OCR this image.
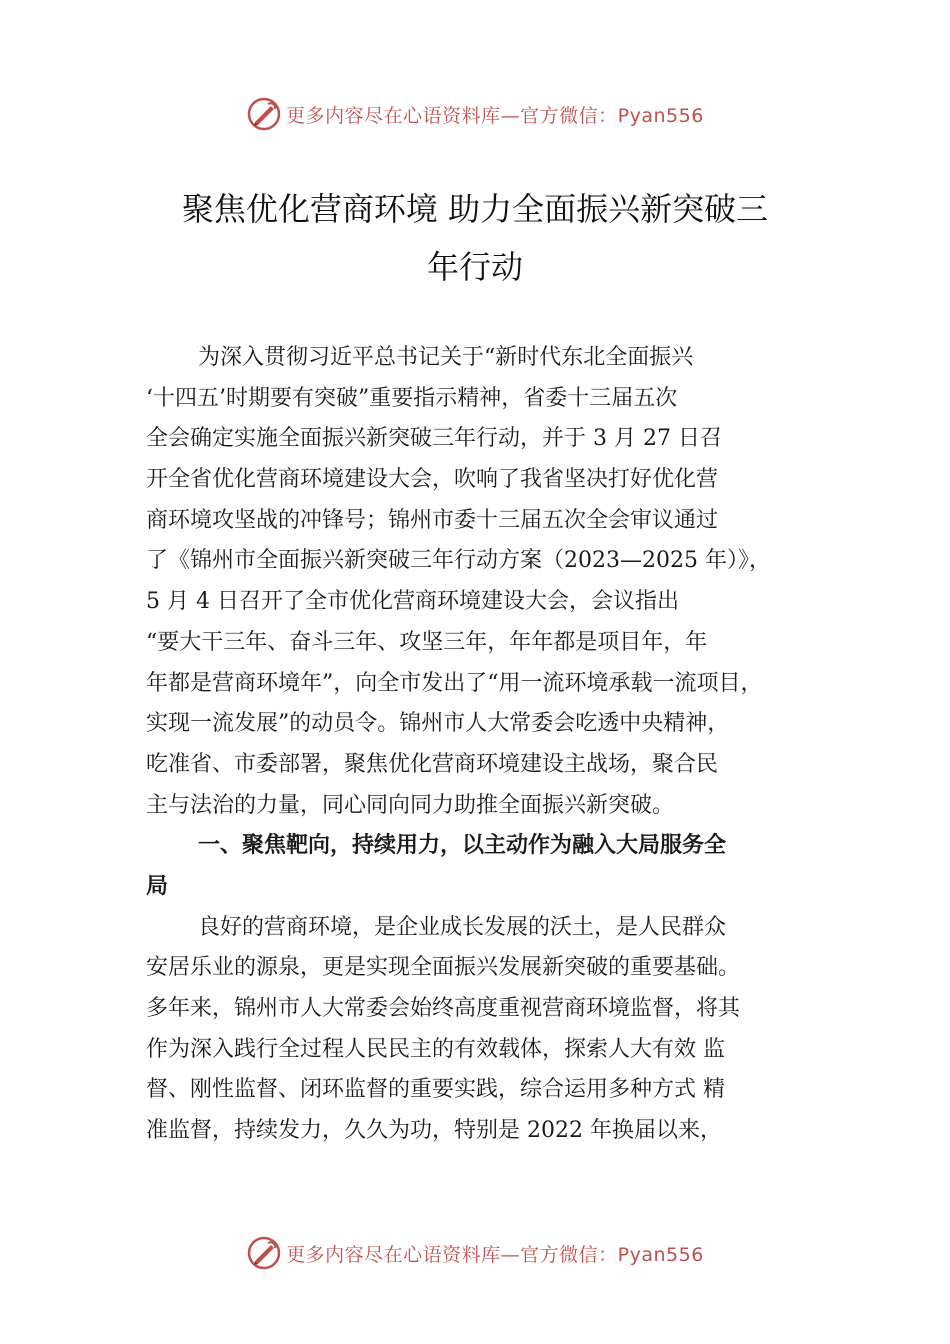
更多内容尽在心语资料库—官方微信：Pyan556
聚焦优化营商环境 助力全面振兴新突破三
年行动
为深入贯彻习近平总书记关于“新时代东北全面振兴
‘十四五’时期要有突破”重要指示精神，省委十三届五次
全会确定实施全面振兴新突破三年行动，并于 3 月 27 日召
开全省优化营商环境建设大会，吹响了我省坚决打好优化营
商环境攻坚战的冲锋号；锦州市委十三届五次全会审议通过
了《锦州市全面振兴新突破三年行动方案（2023—2025 年）》，
5 月 4 日召开了全市优化营商环境建设大会，会议指出
“要大干三年、奋斗三年、攻坚三年，年年都是项目年，年
年都是营商环境年”，向全市发出了“用一流环境承载一流项目，
实现一流发展”的动员令。锦州市人大常委会吃透中央精神，
吃准省、市委部署，聚焦优化营商环境建设主战场，聚合民
主与法治的力量，同心同向同力助推全面振兴新突破。
一、聚焦靶向，持续用力，以主动作为融入大局服务全
局
良好的营商环境，是企业成长发展的沃土，是人民群众
安居乐业的源泉，更是实现全面振兴发展新突破的重要基础。
多年来，锦州市人大常委会始终高度重视营商环境监督，将其
作为深入践行全过程人民民主的有效载体，探索人大有效 监
督、刚性监督、闭环监督的重要实践，综合运用多种方式 精
准监督，持续发力，久久为功，特别是 2022 年换届以来，
更多内容尽在心语资料库—官方微信：Pyan556
